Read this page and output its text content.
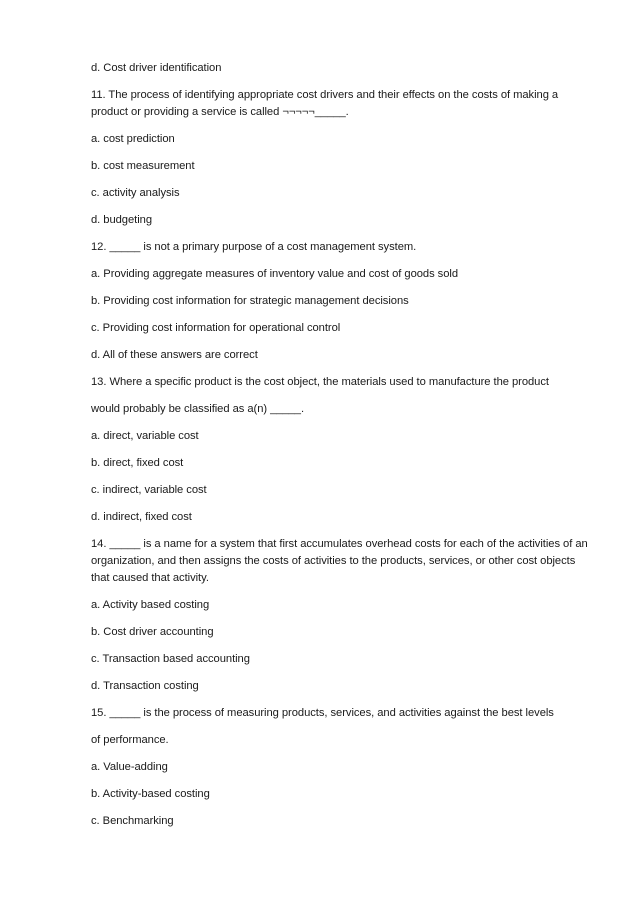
d. Cost driver identification
11. The process of identifying appropriate cost drivers and their effects on the costs of making a product or providing a service is called ¬¬¬¬¬_____.
a. cost prediction
b. cost measurement
c. activity analysis
d. budgeting
12. _____ is not a primary purpose of a cost management system.
a. Providing aggregate measures of inventory value and cost of goods sold
b. Providing cost information for strategic management decisions
c. Providing cost information for operational control
d. All of these answers are correct
13. Where a specific product is the cost object, the materials used to manufacture the product
would probably be classified as a(n) _____.
a. direct, variable cost
b. direct, fixed cost
c. indirect, variable cost
d. indirect, fixed cost
14. _____ is a name for a system that first accumulates overhead costs for each of the activities of an organization, and then assigns the costs of activities to the products, services, or other cost objects that caused that activity.
a. Activity based costing
b. Cost driver accounting
c. Transaction based accounting
d. Transaction costing
15. _____ is the process of measuring products, services, and activities against the best levels
of performance.
a. Value-adding
b. Activity-based costing
c. Benchmarking
